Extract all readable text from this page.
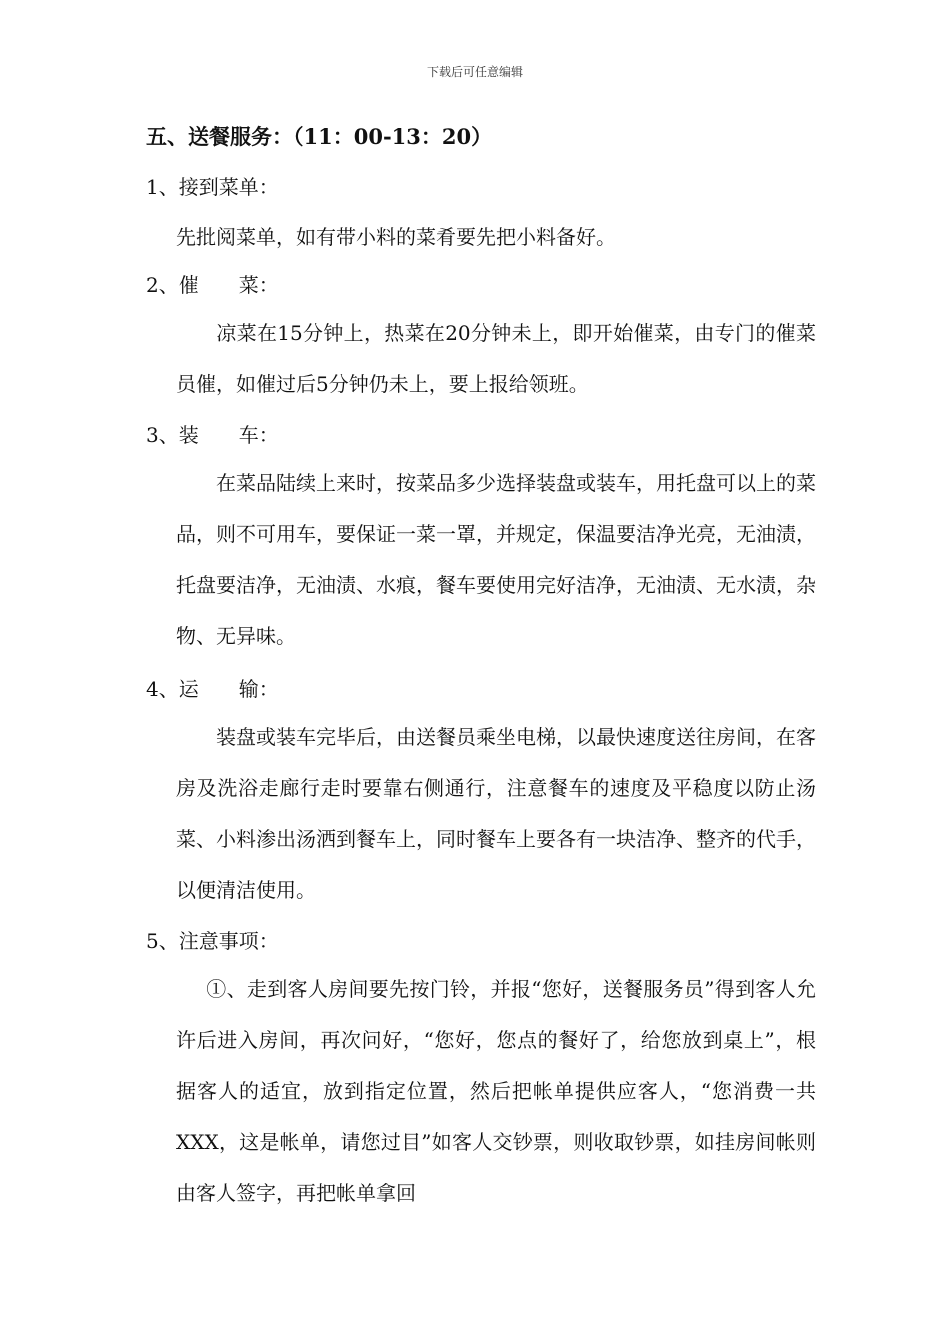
下载后可任意编辑
五、送餐服务：（11：00-13：20）
1、接到菜单：
先批阅菜单，如有带小料的菜肴要先把小料备好。
2、催　　菜：

凉菜在15分钟上，热菜在20分钟未上，即开始催菜，由专门的催菜员催，如催过后5分钟仍未上，要上报给领班。

3、装　　车：

在菜品陆续上来时，按菜品多少选择装盘或装车，用托盘可以上的菜品，则不可用车，要保证一菜一罩，并规定，保温要洁净光亮，无油渍，托盘要洁净，无油渍、水痕，餐车要使用完好洁净，无油渍、无水渍，杂物、无异味。

4、运　　输：

装盘或装车完毕后，由送餐员乘坐电梯，以最快速度送往房间，在客房及洗浴走廊行走时要靠右侧通行，注意餐车的速度及平稳度以防止汤菜、小料渗出汤洒到餐车上，同时餐车上要各有一块洁净、整齐的代手，以便清洁使用。

5、注意事项：

①、走到客人房间要先按门铃，并报“您好，送餐服务员”得到客人允许后进入房间，再次问好，“您好，您点的餐好了，给您放到桌上”，根据客人的适宜，放到指定位置，然后把帐单提供应客人，“您消费一共XXX，这是帐单，请您过目”如客人交钞票，则收取钞票，如挂房间帐则由客人签字，再把帐单拿回
